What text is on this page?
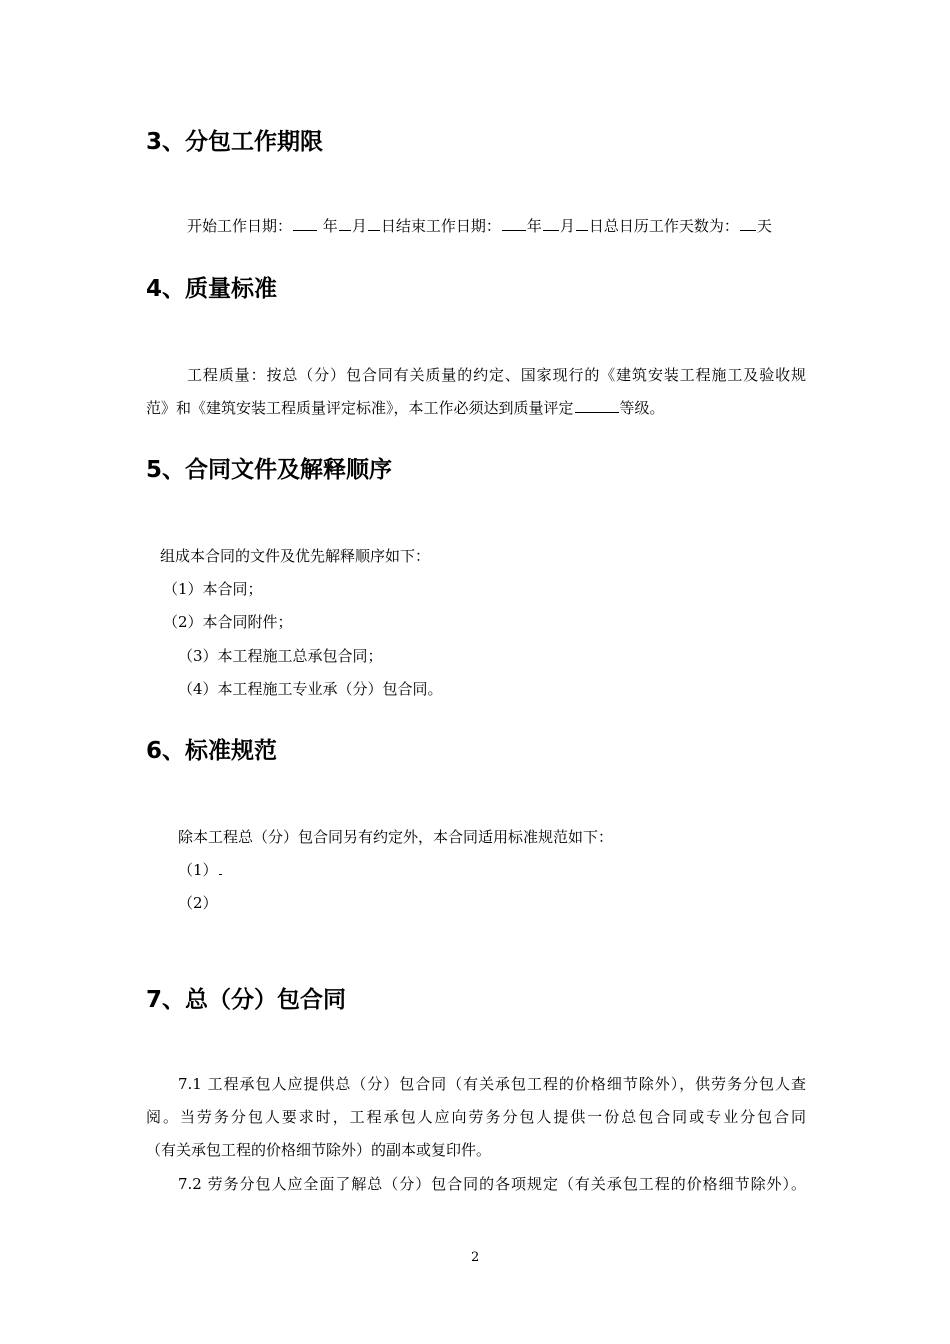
3、分包工作期限
开始工作日期： 年 月 日结束工作日期： 年 月 日总日历工作天数为： 天
4、质量标准
工程质量：按总（分）包合同有关质量的约定、国家现行的《建筑安装工程施工及验收规
范》和《建筑安装工程质量评定标准》，本工作必须达到质量评定	等级。
5、合同文件及解释顺序
组成本合同的文件及优先解释顺序如下：
（1）本合同；
（2）本合同附件；
（3）本工程施工总承包合同；
（4）本工程施工专业承（分）包合同。
6、标准规范
除本工程总（分）包合同另有约定外，本合同适用标准规范如下：
（1）
（2）
7、总（分）包合同
7.1 工程承包人应提供总（分）包合同（有关承包工程的价格细节除外），供劳务分包人查
阅。当劳务分包人要求时，工程承包人应向劳务分包人提供一份总包合同或专业分包合同
（有关承包工程的价格细节除外）的副本或复印件。
7.2 劳务分包人应全面了解总（分）包合同的各项规定（有关承包工程的价格细节除外）。
2
